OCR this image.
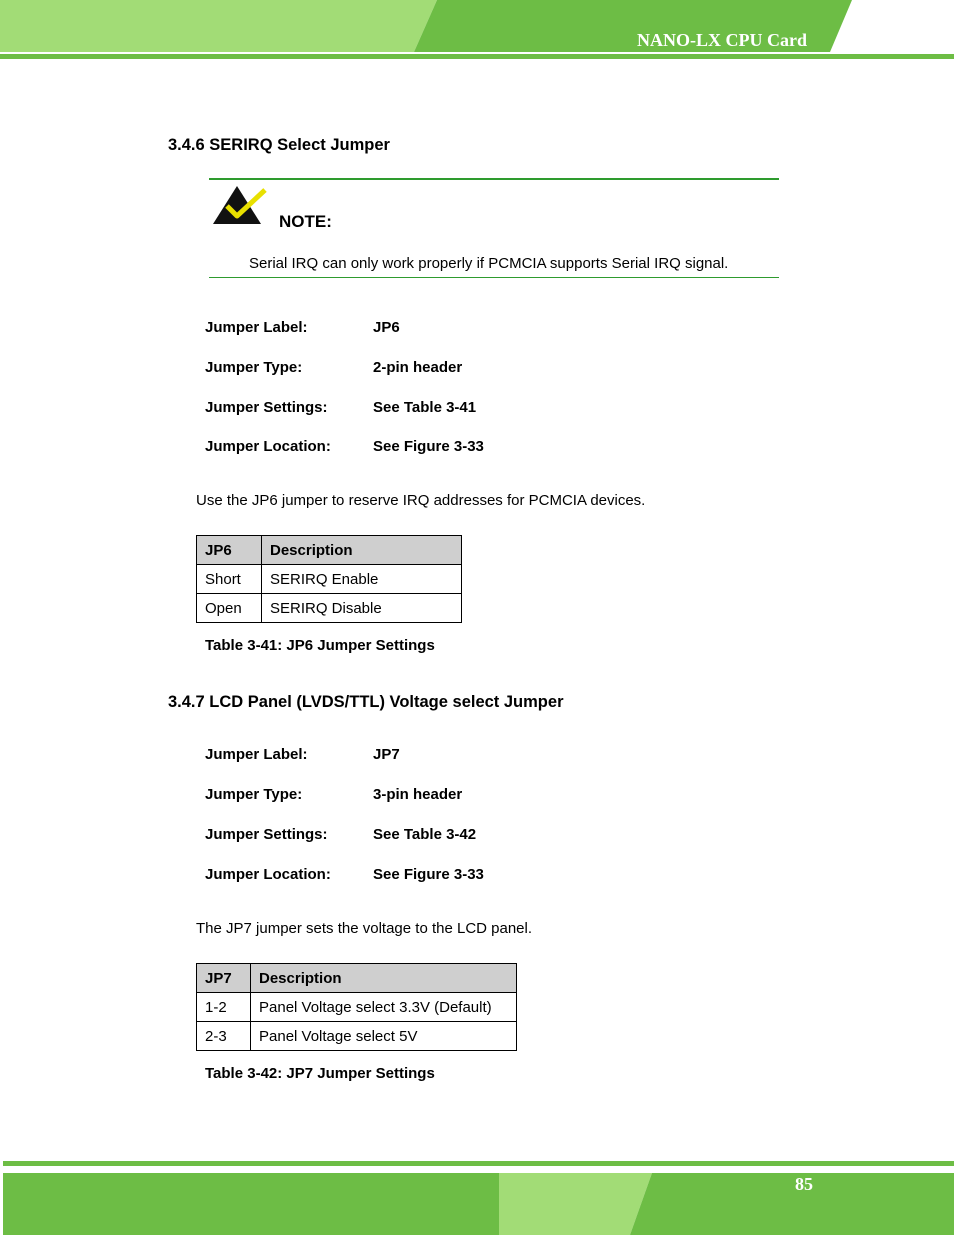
NANO-LX CPU Card
3.4.6 SERIRQ Select Jumper
NOTE:
Serial IRQ can only work properly if PCMCIA supports Serial IRQ signal.
Jumper Label:	JP6
Jumper Type:	2-pin header
Jumper Settings:	See Table 3-41
Jumper Location:	See Figure 3-33
Use the JP6 jumper to reserve IRQ addresses for PCMCIA devices.
JP6	Description
Short	SERIRQ Enable
Open	SERIRQ Disable
Table 3-41: JP6 Jumper Settings
3.4.7 LCD Panel (LVDS/TTL) Voltage select Jumper
Jumper Label:	JP7
Jumper Type:	3-pin header
Jumper Settings:	See Table 3-42
Jumper Location:	See Figure 3-33
The JP7 jumper sets the voltage to the LCD panel.
JP7	Description
1-2	Panel Voltage select 3.3V (Default)
2-3	Panel Voltage select 5V
Table 3-42: JP7 Jumper Settings
85
